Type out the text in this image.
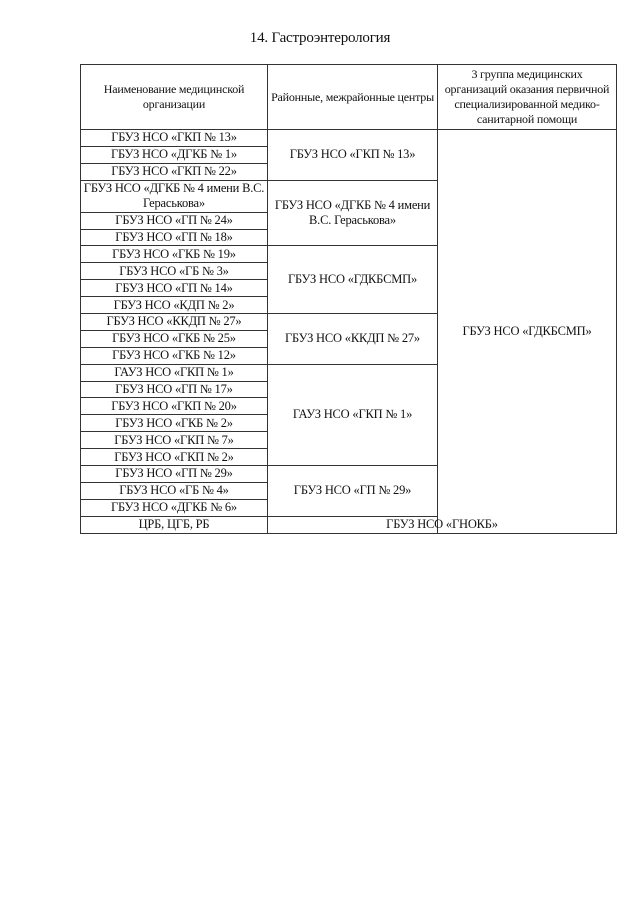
14. Гастроэнтерология
Наименование медицинской организации	Районные, межрайонные центры	3 группа медицинских организаций оказания первичной специализированной медико-санитарной помощи
ГБУЗ НСО «ГКП № 13»	ГБУЗ НСО «ГКП № 13»	ГБУЗ НСО «ГДКБСМП»
ГБУЗ НСО «ДГКБ № 1»		
ГБУЗ НСО «ГКП № 22»		
ГБУЗ НСО «ДГКБ № 4 имени В.С. Гераськова»	ГБУЗ НСО «ДГКБ № 4 имени В.С. Гераськова»	
ГБУЗ НСО «ГП № 24»		
ГБУЗ НСО «ГП № 18»		
ГБУЗ НСО «ГКБ № 19»	ГБУЗ НСО «ГДКБСМП»	
ГБУЗ НСО «ГБ № 3»		
ГБУЗ НСО «ГП № 14»		
ГБУЗ НСО «КДП № 2»		
ГБУЗ НСО «ККДП № 27»	ГБУЗ НСО «ККДП № 27»	
ГБУЗ НСО «ГКБ № 25»		
ГБУЗ НСО «ГКБ № 12»		
ГАУЗ НСО «ГКП № 1»	ГАУЗ НСО «ГКП № 1»	
ГБУЗ НСО «ГП № 17»		
ГБУЗ НСО «ГКП № 20»		
ГБУЗ НСО «ГКБ № 2»		
ГБУЗ НСО «ГКП № 7»		
ГБУЗ НСО «ГКП № 2»		
ГБУЗ НСО «ГП № 29»	ГБУЗ НСО «ГП № 29»	
ГБУЗ НСО «ГБ № 4»		
ГБУЗ НСО «ДГКБ № 6»		
ЦРБ, ЦГБ, РБ	ГБУЗ НСО «ГНОКБ»	
